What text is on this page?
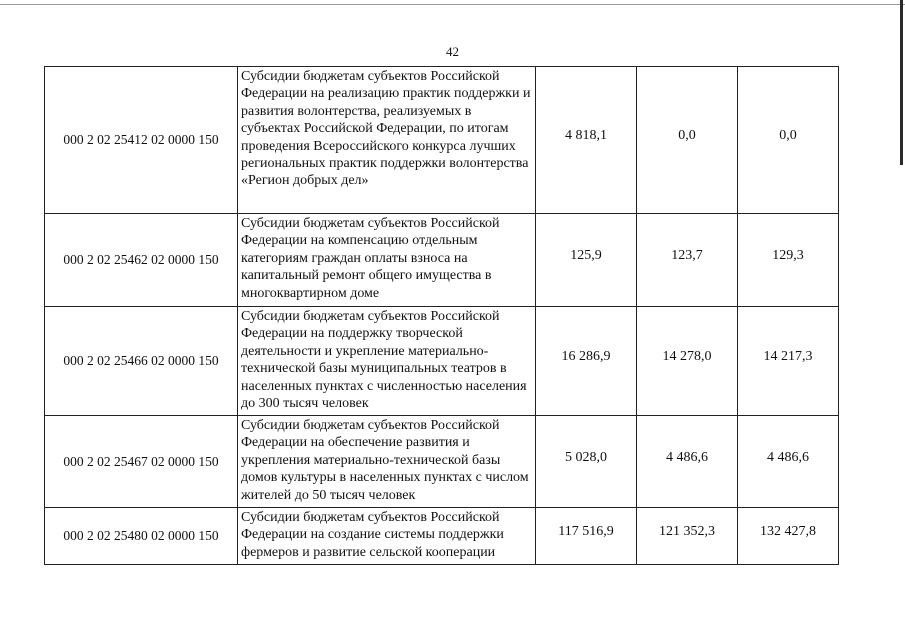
42
000 2 02 25412 02 0000 150	Субсидии бюджетам субъектов Российской Федерации на реализацию практик поддержки и развития волонтерства, реализуемых в субъектах Российской Федерации, по итогам проведения Всероссийского конкурса лучших региональных практик поддержки волонтерства «Регион добрых дел»	4 818,1	0,0	0,0
000 2 02 25462 02 0000 150	Субсидии бюджетам субъектов Российской Федерации на компенсацию отдельным категориям граждан оплаты взноса на капитальный ремонт общего имущества в многоквартирном доме	125,9	123,7	129,3
000 2 02 25466 02 0000 150	Субсидии бюджетам субъектов Российской Федерации на поддержку творческой деятельности и укрепление материально-технической базы муниципальных театров в населенных пунктах с численностью населения до 300 тысяч человек	16 286,9	14 278,0	14 217,3
000 2 02 25467 02 0000 150	Субсидии бюджетам субъектов Российской Федерации на обеспечение развития и укрепления материально-технической базы домов культуры в населенных пунктах с числом жителей до 50 тысяч человек	5 028,0	4 486,6	4 486,6
000 2 02 25480 02 0000 150	Субсидии бюджетам субъектов Российской Федерации на создание системы поддержки фермеров и развитие сельской кооперации	117 516,9	121 352,3	132 427,8
